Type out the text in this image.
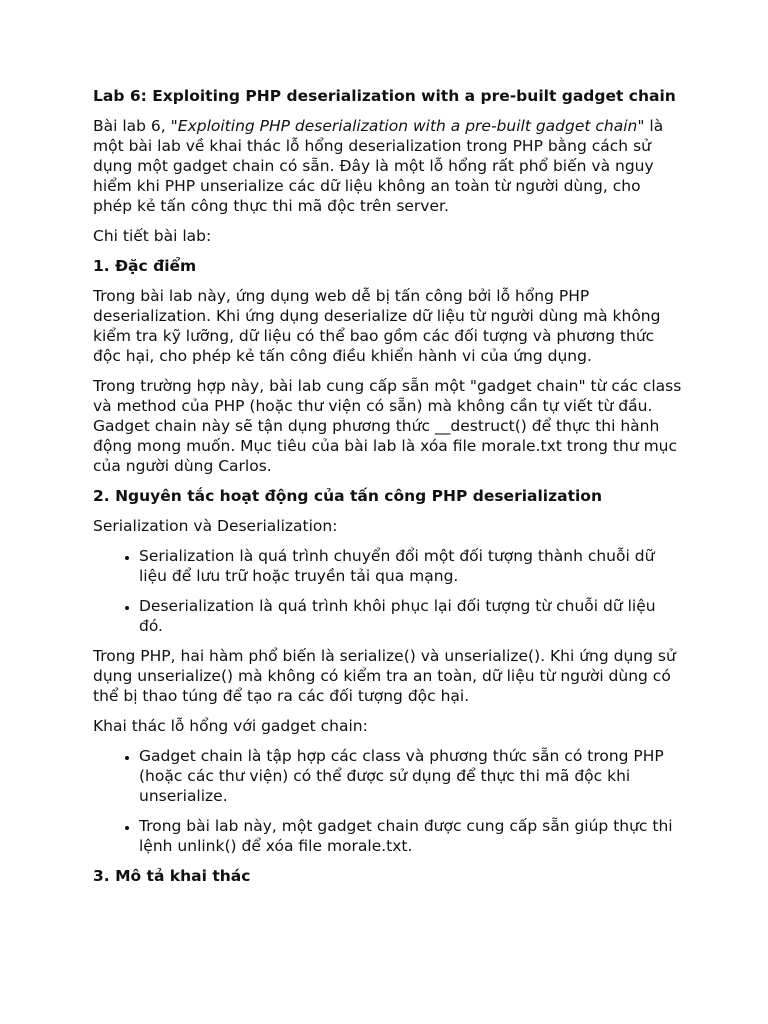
Lab 6: Exploiting PHP deserialization with a pre-built gadget chain

Bài lab 6, "Exploiting PHP deserialization with a pre-built gadget chain" là một bài lab về khai thác lỗ hổng deserialization trong PHP bằng cách sử dụng một gadget chain có sẵn. Đây là một lỗ hổng rất phổ biến và nguy hiểm khi PHP unserialize các dữ liệu không an toàn từ người dùng, cho phép kẻ tấn công thực thi mã độc trên server.

Chi tiết bài lab:

1. Đặc điểm

Trong bài lab này, ứng dụng web dễ bị tấn công bởi lỗ hổng PHP deserialization. Khi ứng dụng deserialize dữ liệu từ người dùng mà không kiểm tra kỹ lưỡng, dữ liệu có thể bao gồm các đối tượng và phương thức độc hại, cho phép kẻ tấn công điều khiển hành vi của ứng dụng.

Trong trường hợp này, bài lab cung cấp sẵn một "gadget chain" từ các class và method của PHP (hoặc thư viện có sẵn) mà không cần tự viết từ đầu. Gadget chain này sẽ tận dụng phương thức __destruct() để thực thi hành động mong muốn. Mục tiêu của bài lab là xóa file morale.txt trong thư mục của người dùng Carlos.

2. Nguyên tắc hoạt động của tấn công PHP deserialization

Serialization và Deserialization:

• Serialization là quá trình chuyển đổi một đối tượng thành chuỗi dữ liệu để lưu trữ hoặc truyền tải qua mạng.
• Deserialization là quá trình khôi phục lại đối tượng từ chuỗi dữ liệu đó.

Trong PHP, hai hàm phổ biến là serialize() và unserialize(). Khi ứng dụng sử dụng unserialize() mà không có kiểm tra an toàn, dữ liệu từ người dùng có thể bị thao túng để tạo ra các đối tượng độc hại.

Khai thác lỗ hổng với gadget chain:

• Gadget chain là tập hợp các class và phương thức sẵn có trong PHP (hoặc các thư viện) có thể được sử dụng để thực thi mã độc khi unserialize.
• Trong bài lab này, một gadget chain được cung cấp sẵn giúp thực thi lệnh unlink() để xóa file morale.txt.
3. Mô tả khai thác
